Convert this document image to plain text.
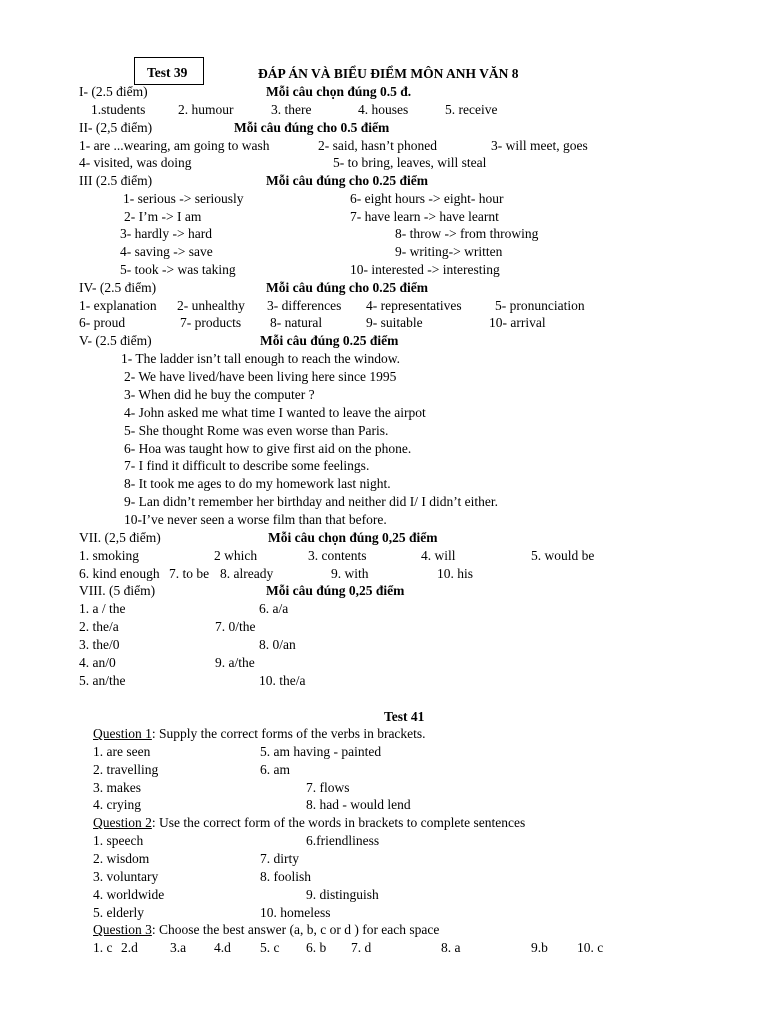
Test 39	ĐÁP ÁN VÀ BIỂU ĐIỂM MÔN ANH VĂN 8
I- (2.5 điểm)	Mỗi câu chọn đúng 0.5 đ.
1.students 2. humour	3. there	4. houses	5. receive
II- (2,5 điểm)	Mỗi câu đúng cho 0.5 điểm
1- are ...wearing, am going to wash	2- said, hasn’t phoned	3- will meet, goes
4- visited, was doing	5- to bring, leaves, will steal
III (2.5 điểm)	Mỗi câu đúng cho 0.25 điểm
1- serious -> seriously	6- eight hours -> eight- hour
2- I’m -> I am	7- have learn -> have learnt
3- hardly -> hard	8- throw -> from throwing
4- saving -> save	9- writing-> written
5- took -> was taking	10- interested -> interesting
IV- (2.5 điểm)	Mỗi câu đúng cho 0.25 điểm
1- explanation 2- unhealthy 3- differences 4- representatives 5- pronunciation
6- proud	7- products 8- natural	9- suitable	10- arrival
V- (2.5 điểm)	Mỗi câu đúng 0.25 điểm
1- The ladder isn’t tall enough to reach the window.
2- We have lived/have been living here since 1995
3- When did he buy the computer ?
4- John asked me what time I wanted to leave the airpot
5- She thought Rome was even worse than Paris.
6- Hoa was taught how to give first aid on the phone.
7- I find it difficult to describe some feelings.
8- It took me ages to do my homework last night.
9- Lan didn’t remember her birthday and neither did I/ I didn’t either.
10-I’ve never seen a worse film than that before.
VII. (2,5 điểm)	Mỗi câu chọn đúng 0,25 điểm
1. smoking	2 which	3. contents	4. will	5. would be
6. kind enough 7. to be 8. already	9. with	10. his
VIII. (5 điểm)	Mỗi câu đúng 0,25 điểm
1. a / the	6. a/a
2. the/a	7. 0/the
3. the/0	8. 0/an
4. an/0	9. a/the
5. an/the	10. the/a
Test 41
Question 1: Supply the correct forms of the verbs in brackets.
1. are seen	5. am having - painted
2. travelling	6. am
3. makes	7. flows
4. crying	8. had - would lend
Question 2: Use the correct form of the words in brackets to complete sentences
1. speech	6.friendliness
2. wisdom	7. dirty
3. voluntary	8. foolish
4. worldwide	9. distinguish
5. elderly	10. homeless
Question 3: Choose the best answer (a, b, c or d ) for each space
1. c 2.d 3.a 4.d 5. c 6. b 7. d	8. a	9.b 10. c
